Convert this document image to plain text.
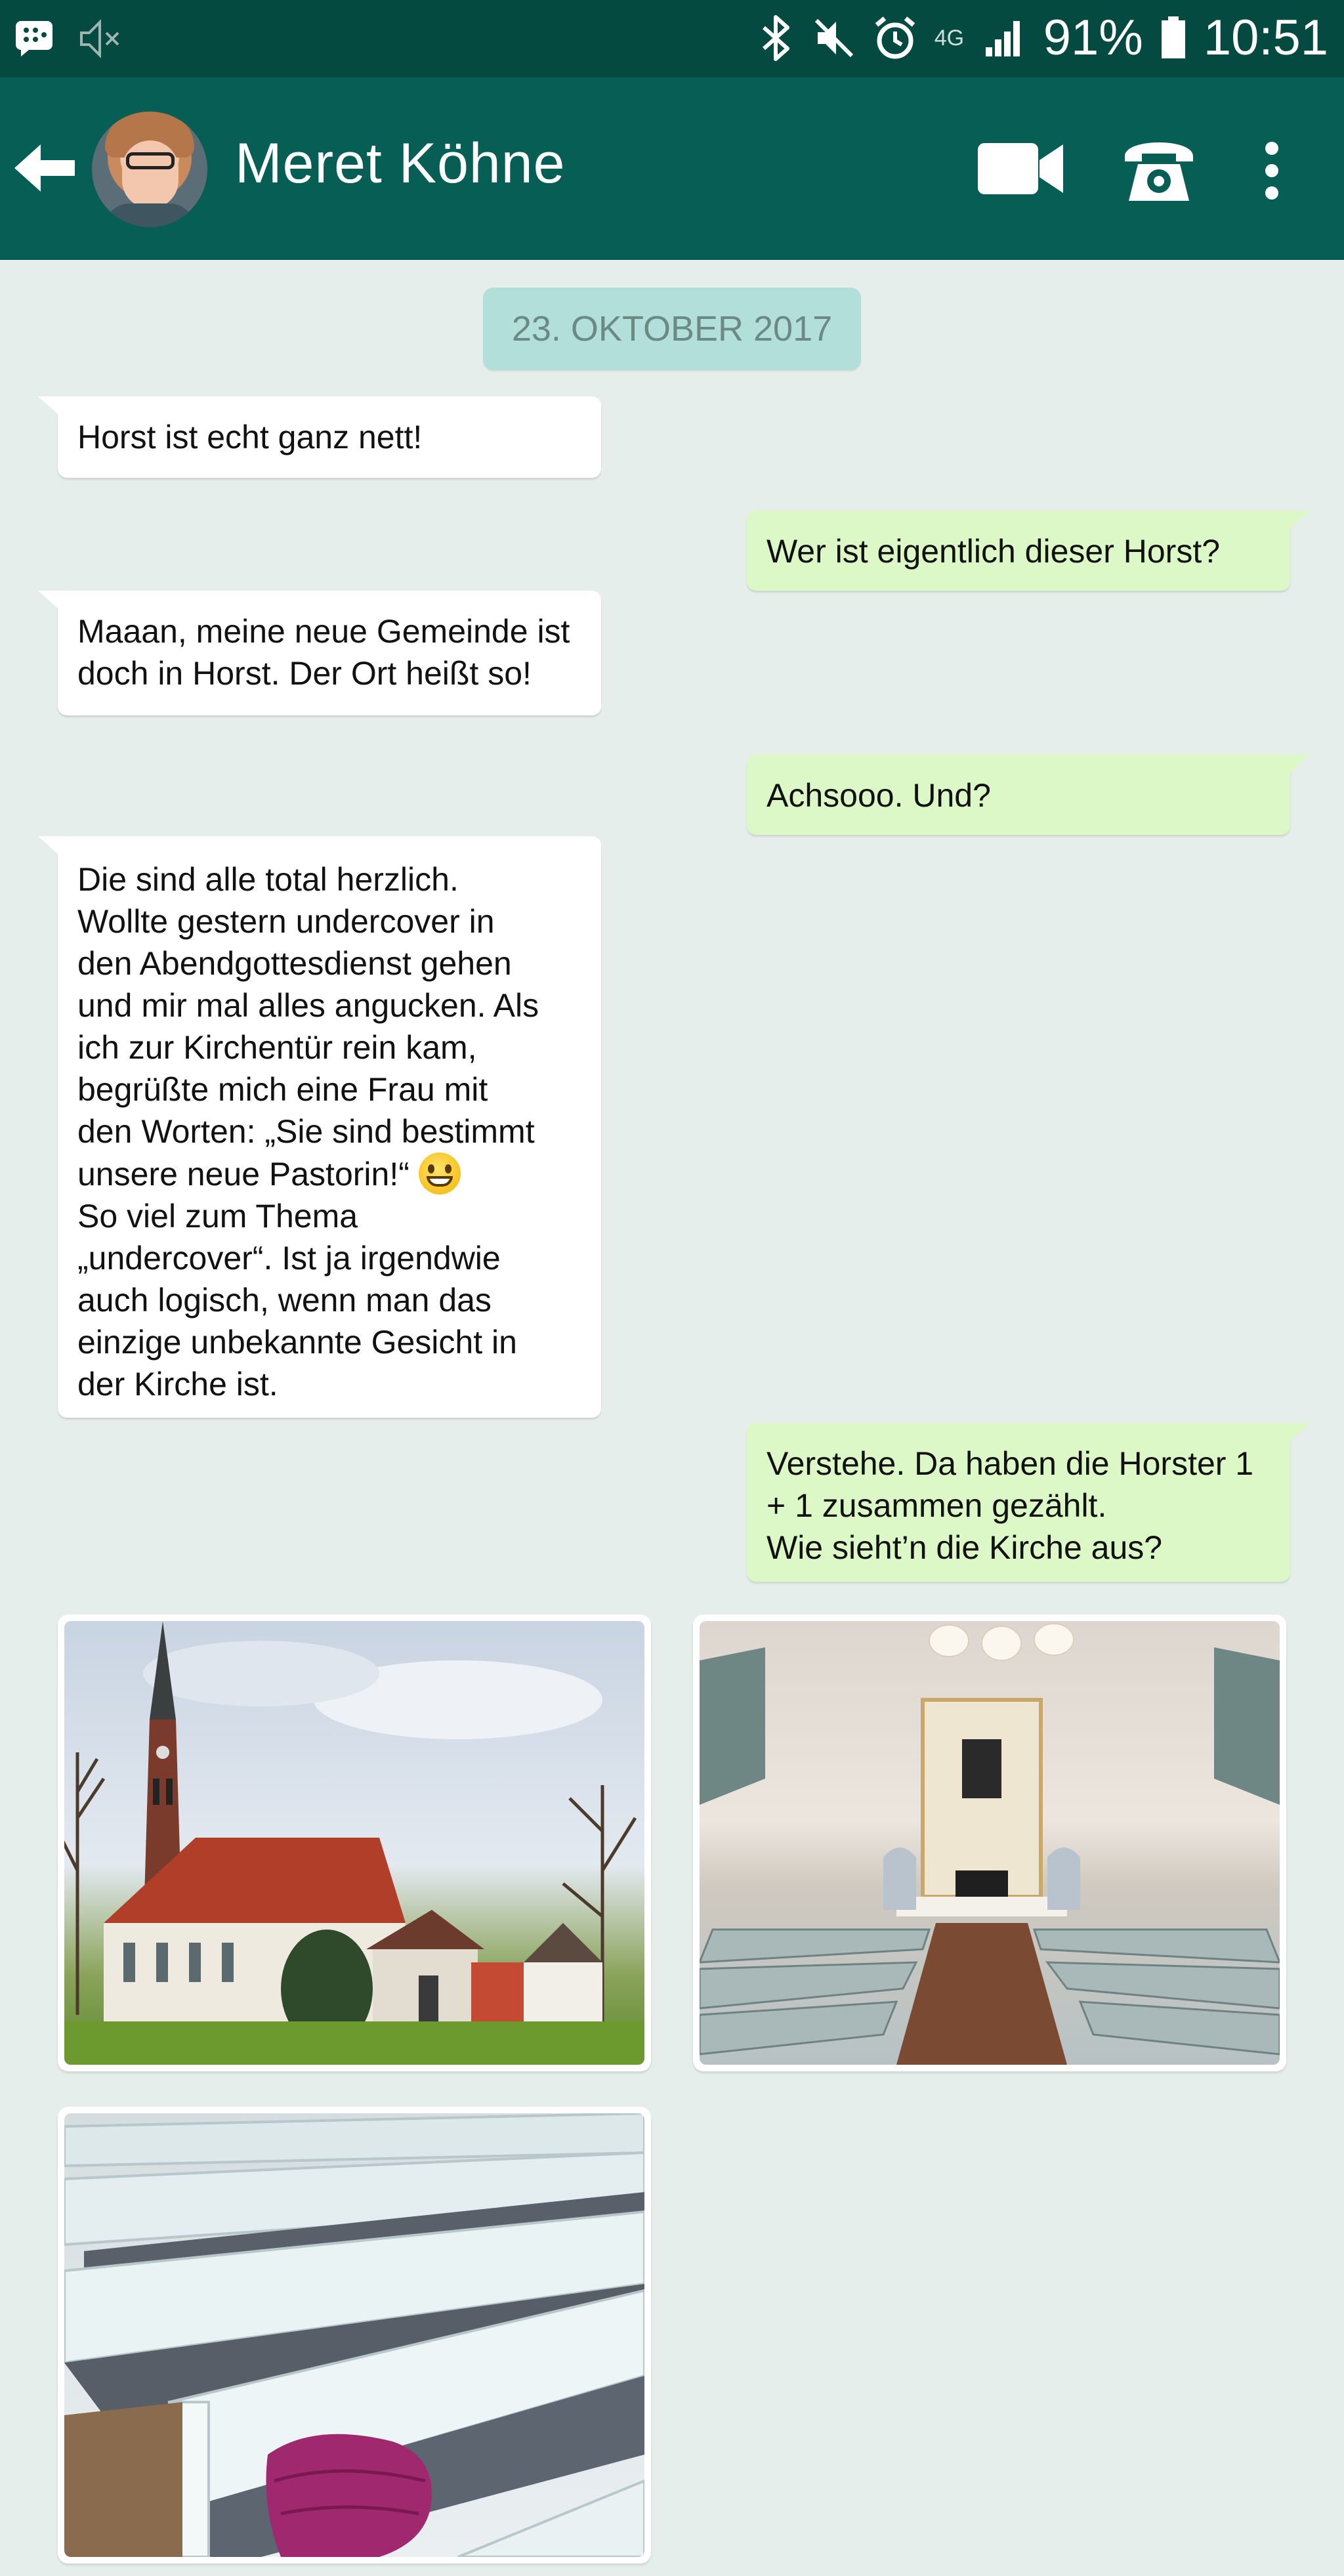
4G 91% 10:51
Meret Köhne
23. OKTOBER 2017
Horst ist echt ganz nett!
Wer ist eigentlich dieser Horst?
Maaan, meine neue Gemeinde ist
doch in Horst. Der Ort heißt so!
Achsooo. Und?
Die sind alle total herzlich.
Wollte gestern undercover in
den Abendgottesdienst gehen
und mir mal alles angucken. Als
ich zur Kirchentür rein kam,
begrüßte mich eine Frau mit
den Worten: „Sie sind bestimmt
unsere neue Pastorin!“
So viel zum Thema
„undercover“. Ist ja irgendwie
auch logisch, wenn man das
einzige unbekannte Gesicht in
der Kirche ist.
Verstehe. Da haben die Horster 1
+ 1 zusammen gezählt.
Wie sieht’n die Kirche aus?
